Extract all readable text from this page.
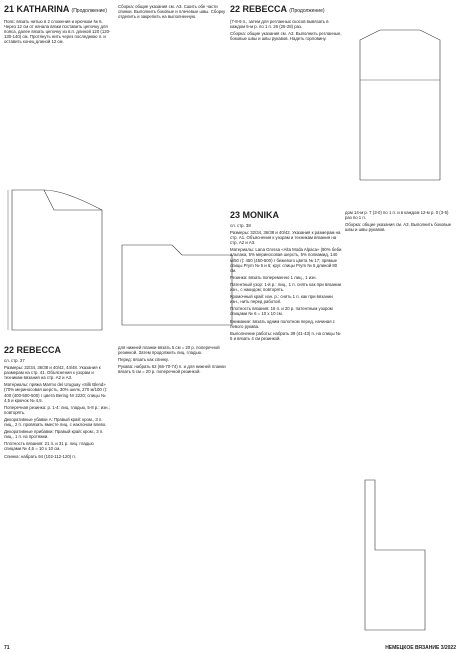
21 KATHARINA (Продолжение)
Пояс: вязать нитью в 2 сложения и крючком № 6. Через 12 см от начала вязки поставить цепочку для пояса, далее вязать цепочку из в.п. длиной 120 (120-130-140) см. Протянуть нить через последнюю п. и оставить конец длиной 12 см.
Сборка: общие указания см. А3. Сшить обе части спинки. Выполнить боковые и плечевые швы. Сборку отделить и закрепить на выполненную.
22 REBECCA (Продолжение)
(7-8-9 п., затем для регланных скосов вывязать в каждом 6-м р. по 1 п. 26 (26-28) раз.
Сборка: общие указания см. А3. Выполнить регланные, боковые швы и швы рукавов. Надеть горловину.
22 REBECCA
сл. стр. 37
Размеры: 32/34, 36/38 и 40/42, 44/48. Указания к размерам на стр. 41. Объяснения к узорам и техникам вязания на стр. А2 и А3.
Материалы: пряжа Marmo del Uruguay «Silk Blend» (70% мериносовая шерсть, 30% шелк, 270 м/100 г): 400 (400-500-500) г цвета Bering Nr 2220; спицы № 4,5 и крючок № 4,5.
Поперечная резинка: р. 1-4: лиц. гладью, 5-8 р.: изн.; повторять.
Декоративные убавки А: Правый край: кром., 3 п. лиц., 2 п. провязать вместе лиц. с наклоном влево.
Декоративные прибавки: Правый край: кром., 3 п. лиц., 1 п. из протяжки.
Плотность вязания: 21 п. и 31 р. лиц. гладью спицами № 4,5 = 10 x 10 см.
Спинка: набрать 94 (102-112-120) п.
для нижней планки вязать 5 см = 20 р. поперечной резинкой. Затем продолжить лиц. гладью.
Перед: вязать как спинку.
Рукава: набрать 62 (66-70-74) п. и для нижней планки вязать 5 см = 20 р. поперечной резинкой.
23 MONIKA
сл. стр. 38
Размеры: 32/34, 36/38 и 40/42. Указания к размерам на стр. А1. Объяснения к узорам и техникам вязания на стр. А2 и А3.
Материалы: Lana Grossa «Alta Moda Alpaca» (90% беби альпака, 5% мериносовая шерсть, 5% полиамид, 140 м/50 г): 450 (450-500) г бежевого цвета № 17; прямые спицы Prym № 5 и 6; круг. спицы Prym № 5 длиной 80 см.
Резинка: вязать попеременно 1 лиц., 1 изн.
Патентный узор: 1-й р.: лиц., 1 п. снять как при вязании изн., с накидом; повторять.
Кромочный край: изн. р.: снять 1 п. как при вязании изн., нить перед работой.
Плотность вязания: 16 п. и 20 р. патентным узором спицами № 6 = 10 x 10 см.
Внимание: вязать одним полотном перед, начиная с левого рукава.
Выполнение работы: набрать 39 (41-43) п. на спицы № 5 и вязать 4 см резинкой.
дом 14-м р. 7 (3-0) по 1 п. и в каждом 12-м р. 0 (3-5) раз по 1 п.
Оборка: общие указания см. А3. Выполнить боковые швы и швы рукавов.
71	НЕМЕЦКОЕ ВЯЗАНИЕ 3/2022
